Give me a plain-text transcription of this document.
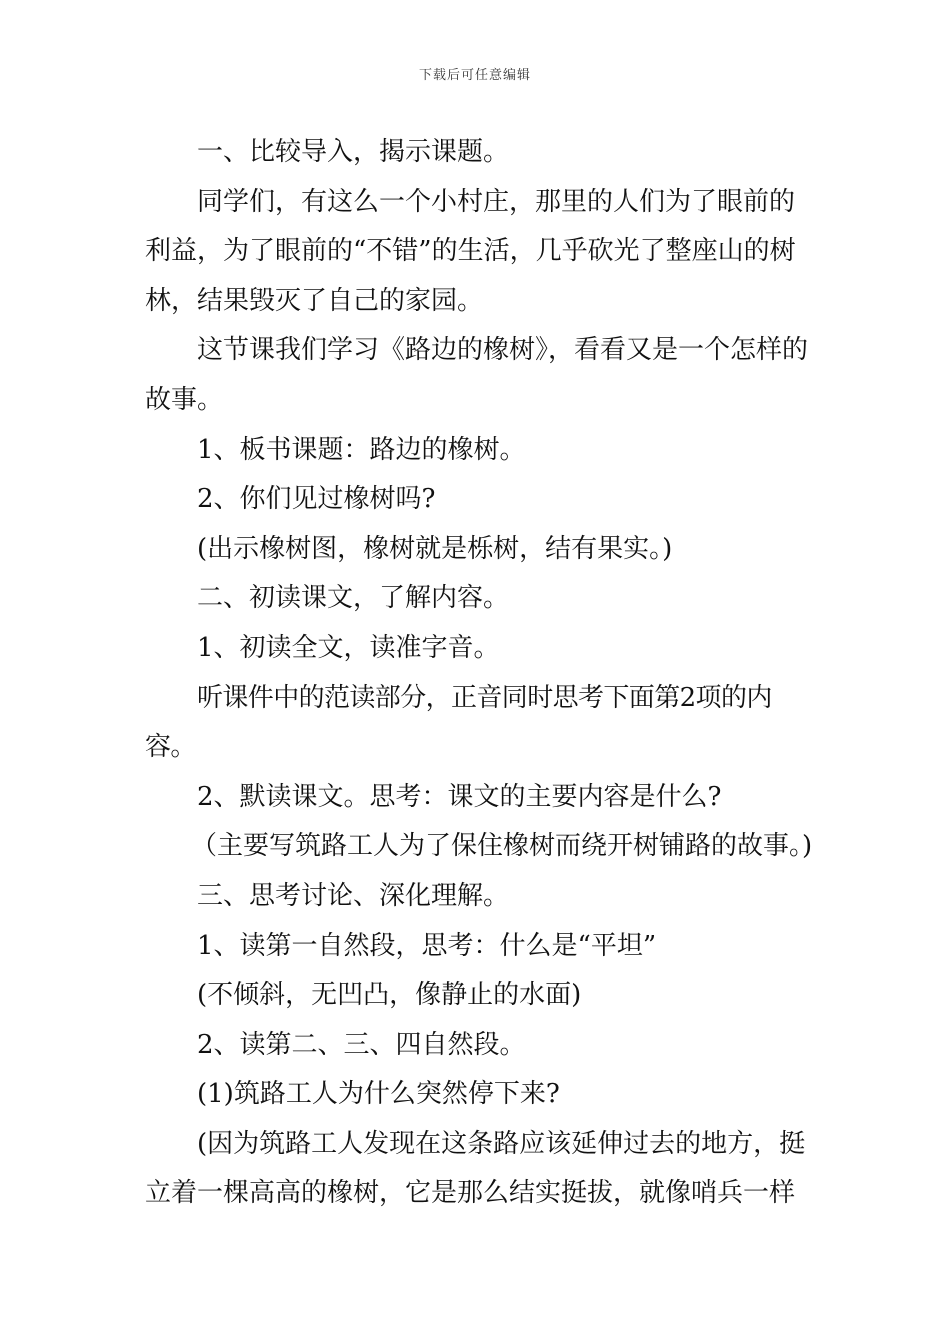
下载后可任意编辑

一、比较导入，揭示课题。

同学们，有这么一个小村庄，那里的人们为了眼前的利益，为了眼前的“不错”的生活，几乎砍光了整座山的树林，结果毁灭了自己的家园。

这节课我们学习《路边的橡树》，看看又是一个怎样的故事。

1、板书课题：路边的橡树。

2、你们见过橡树吗?

(出示橡树图，橡树就是栎树，结有果实。)

二、初读课文，了解内容。

1、初读全文，读准字音。

听课件中的范读部分，正音同时思考下面第2项的内容。

2、默读课文。思考：课文的主要内容是什么?

（主要写筑路工人为了保住橡树而绕开树铺路的故事。)

三、思考讨论、深化理解。

1、读第一自然段，思考：什么是“平坦”

(不倾斜，无凹凸，像静止的水面)

2、读第二、三、四自然段。

(1)筑路工人为什么突然停下来?

(因为筑路工人发现在这条路应该延伸过去的地方，挺立着一棵高高的橡树，它是那么结实挺拔，就像哨兵一样
